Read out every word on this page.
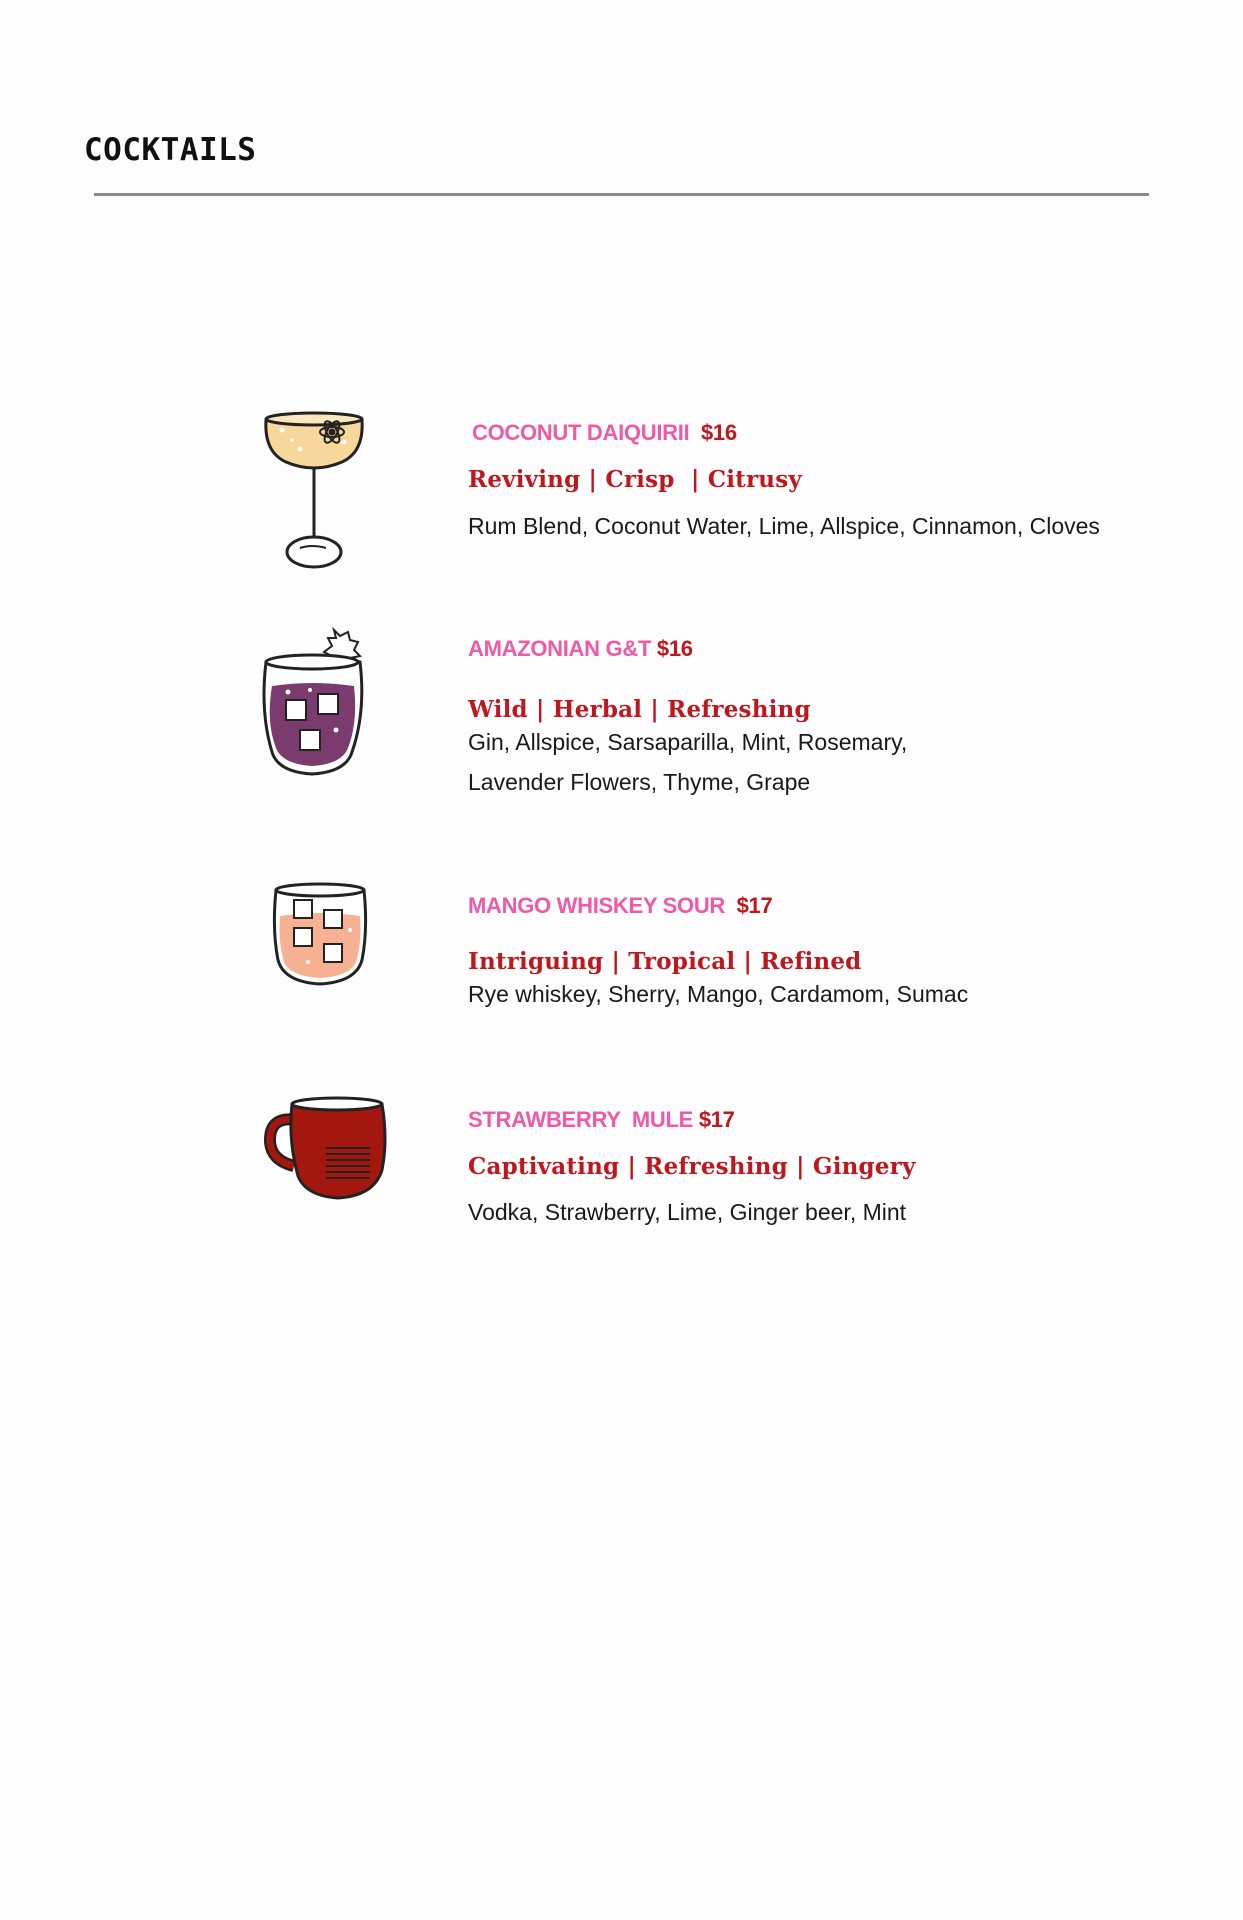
COCKTAILS
COCONUT DAIQUIRII $16
Reviving | Crisp  | Citrusy
Rum Blend, Coconut Water, Lime, Allspice, Cinnamon, Cloves
AMAZONIAN G&T $16
Wild | Herbal | Refreshing
Gin, Allspice, Sarsaparilla, Mint, Rosemary,
Lavender Flowers, Thyme, Grape
MANGO WHISKEY SOUR $17
Intriguing | Tropical | Refined
Rye whiskey, Sherry, Mango, Cardamom, Sumac
STRAWBERRY  MULE $17
Captivating | Refreshing | Gingery
Vodka, Strawberry, Lime, Ginger beer, Mint
